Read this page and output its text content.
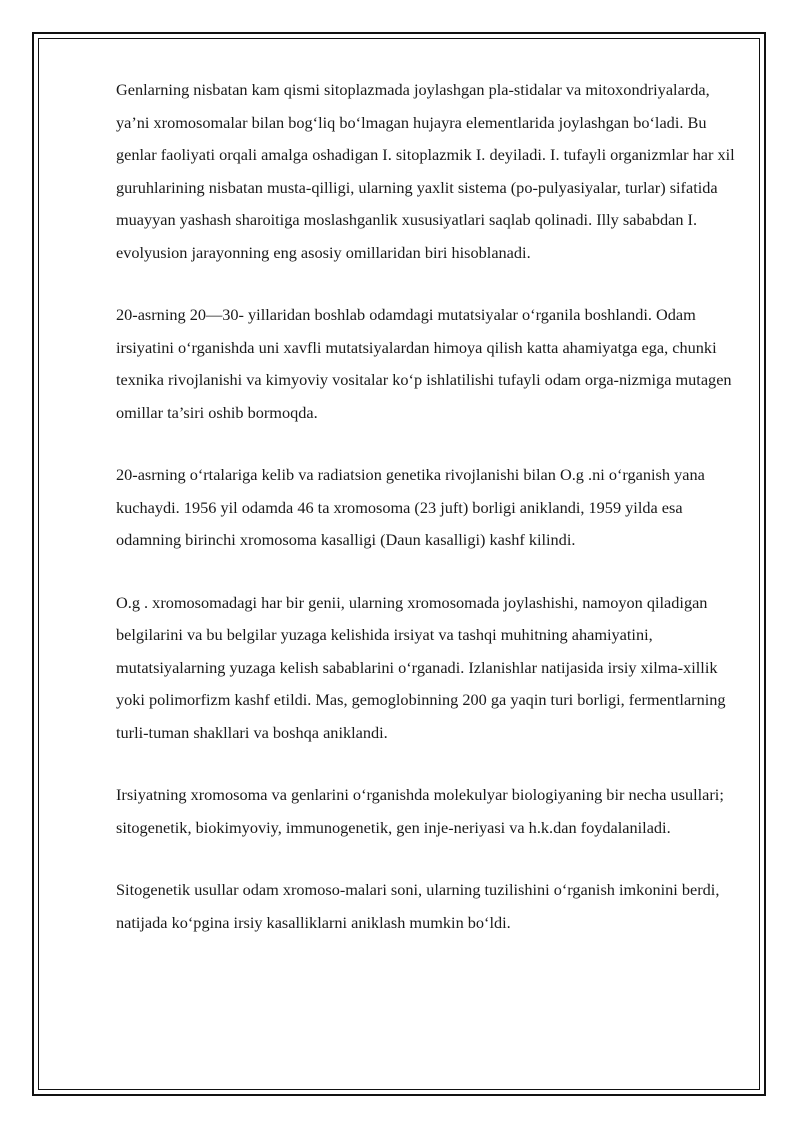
Genlarning nisbatan kam qismi sitoplazmada joylashgan pla-stidalar va mitoxondriyalarda, ya’ni xromosomalar bilan bog‘liq bo‘lmagan hujayra elementlarida joylashgan bo‘ladi. Bu genlar faoliyati orqali amalga oshadigan I. sitoplazmik I. deyiladi. I. tufayli organizmlar har xil guruhlarining nisbatan musta-qilligi, ularning yaxlit sistema (po-pulyasiyalar, turlar) sifatida muayyan yashash sharoitiga moslashganlik xususiyatlari saqlab qolinadi. Illy sababdan I. evolyusion jarayonning eng asosiy omillaridan biri hisoblanadi.

20-asrning 20—30- yillaridan boshlab odamdagi mutatsiyalar o‘rganila boshlandi. Odam irsiyatini o‘rganishda uni xavfli mutatsiyalardan himoya qilish katta ahamiyatga ega, chunki texnika rivojlanishi va kimyoviy vositalar ko‘p ishlatilishi tufayli odam orga-nizmiga mutagen omillar ta’siri oshib bormoqda.

20-asrning o‘rtalariga kelib va radiatsion genetika rivojlanishi bilan O.g .ni o‘rganish yana kuchaydi. 1956 yil odamda 46 ta xromosoma (23 juft) borligi aniklandi, 1959 yilda esa odamning birinchi xromosoma kasalligi (Daun kasalligi) kashf kilindi.

O.g . xromosomadagi har bir genii, ularning xromosomada joylashishi, namoyon qiladigan belgilarini va bu belgilar yuzaga kelishida irsiyat va tashqi muhitning ahamiyatini, mutatsiyalarning yuzaga kelish sabablarini o‘rganadi. Izlanishlar natijasida irsiy xilma-xillik yoki polimorfizm kashf etildi. Mas, gemoglobinning 200 ga yaqin turi borligi, fermentlarning turli-tuman shakllari va boshqa aniklandi.

Irsiyatning xromosoma va genlarini o‘rganishda molekulyar biologiyaning bir necha usullari; sitogenetik, biokimyoviy, immunogenetik, gen inje-neriyasi va h.k.dan foydalaniladi.

Sitogenetik usullar odam xromoso-malari soni, ularning tuzilishini o‘rganish imkonini berdi, natijada ko‘pgina irsiy kasalliklarni aniklash mumkin bo‘ldi.
